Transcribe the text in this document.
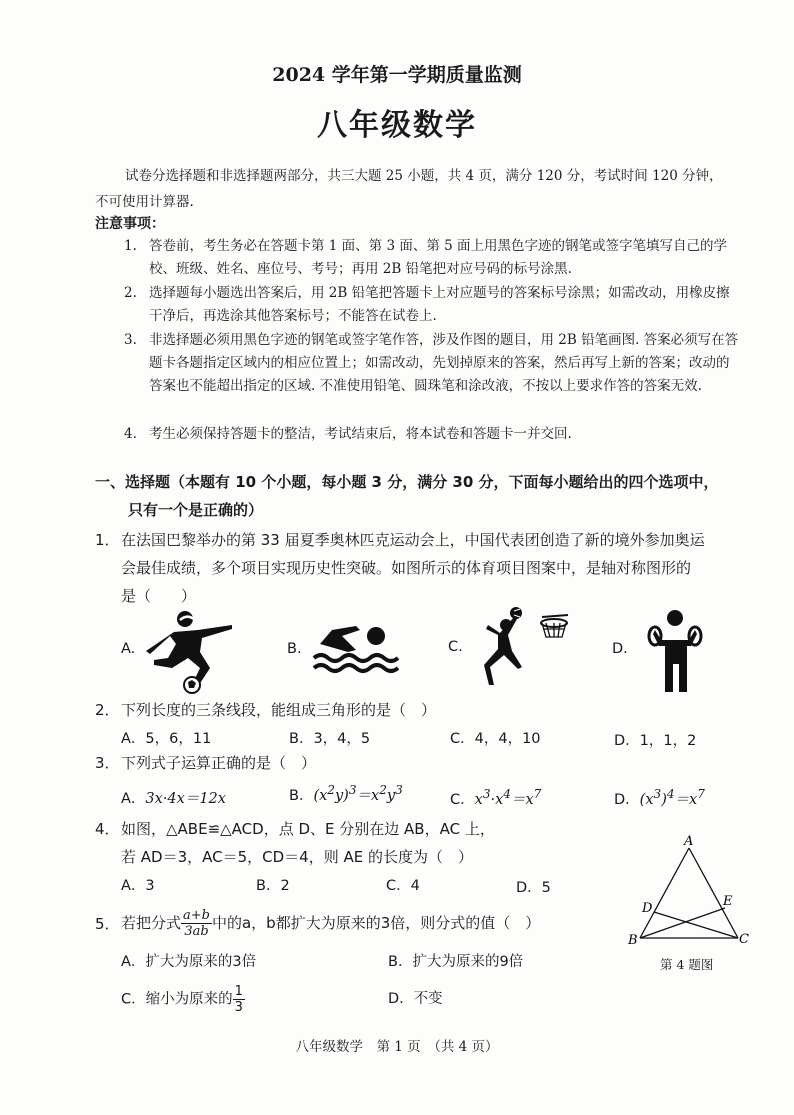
2024 学年第一学期质量监测
八年级数学
试卷分选择题和非选择题两部分，共三大题 25 小题，共 4 页，满分 120 分，考试时间 120 分钟，不可使用计算器.
注意事项：
1. 答卷前，考生务必在答题卡第 1 面、第 3 面、第 5 面上用黑色字迹的钢笔或签字笔填写自己的学校、班级、姓名、座位号、考号；再用 2B 铅笔把对应号码的标号涂黑.
2. 选择题每小题选出答案后，用 2B 铅笔把答题卡上对应题号的答案标号涂黑；如需改动，用橡皮擦干净后，再选涂其他答案标号；不能答在试卷上.
3. 非选择题必须用黑色字迹的钢笔或签字笔作答，涉及作图的题目，用 2B 铅笔画图. 答案必须写在答题卡各题指定区域内的相应位置上；如需改动，先划掉原来的答案，然后再写上新的答案；改动的答案也不能超出指定的区域. 不准使用铅笔、圆珠笔和涂改液，不按以上要求作答的答案无效.
4. 考生必须保持答题卡的整洁，考试结束后，将本试卷和答题卡一并交回.
一、选择题（本题有 10 个小题，每小题 3 分，满分 30 分，下面每小题给出的四个选项中，
只有一个是正确的）
1． 在法国巴黎举办的第 33 届夏季奥林匹克运动会上，中国代表团创造了新的境外参加奥运
会最佳成绩，多个项目实现历史性突破。如图所示的体育项目图案中，是轴对称图形的
是（　　）
A.	B.	C.	D.
2． 下列长度的三条线段，能组成三角形的是（　）
A．5，6，11	B．3，4，5	C．4，4，10	D．1，1，2
3． 下列式子运算正确的是（　）
A．3x·4x＝12x	B．$(x^2y)^3=x^2y^3$
C．$x^3\cdot x^4=x^7$	D．$(x^3)^4=x^7$
4． 如图，△ABE≌△ACD，点 D、E 分别在边 AB，AC 上，
若 AD＝3，AC＝5，CD＝4，则 AE 的长度为（　）
A．3	B．2	C．4	D．5
A
B	C
D	E
第 4 题图
5． 若把分式 $\frac{a+b}{3ab}$ 中的a，b都扩大为原来的3倍，则分式的值（　）
A．扩大为原来的3倍	B．扩大为原来的9倍
C．缩小为原来的 $\frac{1}{3}$	D．不变
八年级数学　第 1 页　（共 4 页）
